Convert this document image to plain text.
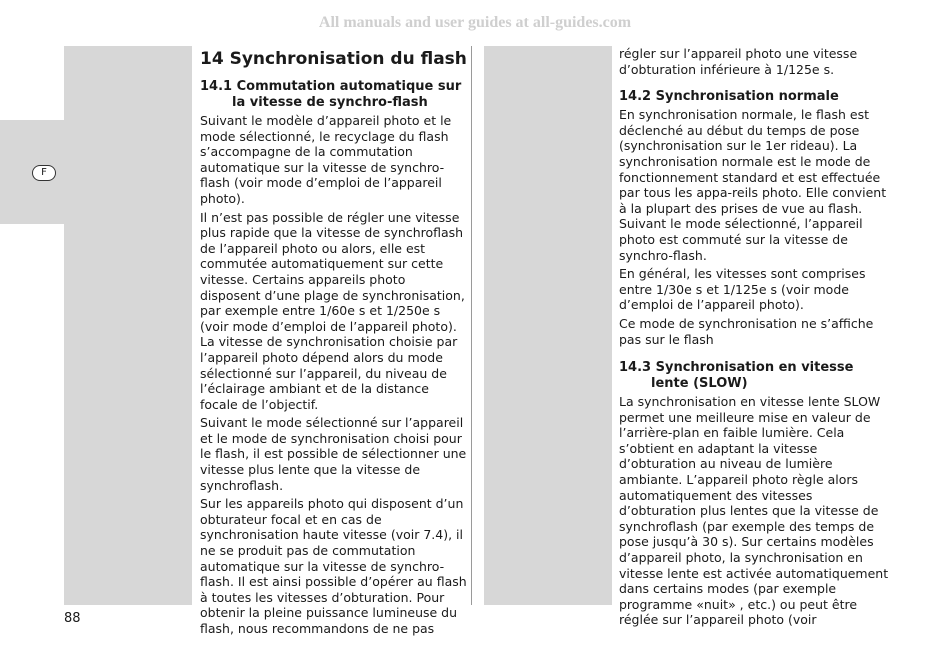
All manuals and user guides at all-guides.com
F
14 Synchronisation du flash
14.1 Commutation automatique sur la vitesse de synchro-flash

Suivant le modèle d’appareil photo et le mode sélectionné, le recyclage du flash s’accompagne de la commutation automatique sur la vitesse de synchro-flash (voir mode d’emploi de l’appareil photo).

Il n’est pas possible de régler une vitesse plus rapide que la vitesse de synchroflash de l’appareil photo ou alors, elle est commutée automatiquement sur cette vitesse. Certains appareils photo disposent d’une plage de synchronisation, par exemple entre 1/60e s et 1/250e s (voir mode d’emploi de l’appareil photo). La vitesse de synchronisation choisie par l’appareil photo dépend alors du mode sélectionné sur l’appareil, du niveau de l’éclairage ambiant et de la distance focale de l’objectif.

Suivant le mode sélectionné sur l’appareil et le mode de synchronisation choisi pour le flash, il est possible de sélectionner une vitesse plus lente que la vitesse de synchroflash.

Sur les appareils photo qui disposent d’un obturateur focal et en cas de synchronisation haute vitesse (voir 7.4), il ne se produit pas de commutation automatique sur la vitesse de synchro-flash. Il est ainsi possible d’opérer au flash à toutes les vitesses d’obturation. Pour obtenir la pleine puissance lumineuse du flash, nous recommandons de ne pas

régler sur l’appareil photo une vitesse d’obturation inférieure à 1/125e s.

14.2 Synchronisation normale

En synchronisation normale, le flash est déclenché au début du temps de pose (synchronisation sur le 1er rideau). La synchronisation normale est le mode de fonctionnement standard et est effectuée par tous les appa-reils photo. Elle convient à la plupart des prises de vue au flash. Suivant le mode sélectionné, l’appareil photo est commuté sur la vitesse de synchro-flash.

En général, les vitesses sont comprises entre 1/30e s et 1/125e s (voir mode d’emploi de l’appareil photo).

Ce mode de synchronisation ne s’affiche pas sur le flash

14.3 Synchronisation en vitesse lente (SLOW)

La synchronisation en vitesse lente SLOW permet une meilleure mise en valeur de l’arrière-plan en faible lumière. Cela s’obtient en adaptant la vitesse d’obturation au niveau de lumière ambiante. L’appareil photo règle alors automatiquement des vitesses d’obturation plus lentes que la vitesse de synchroflash (par exemple des temps de pose jusqu’à 30 s). Sur certains modèles d’appareil photo, la synchronisation en vitesse lente est activée automatiquement dans certains modes (par exemple programme «nuit» , etc.) ou peut être réglée sur l’appareil photo (voir

88
